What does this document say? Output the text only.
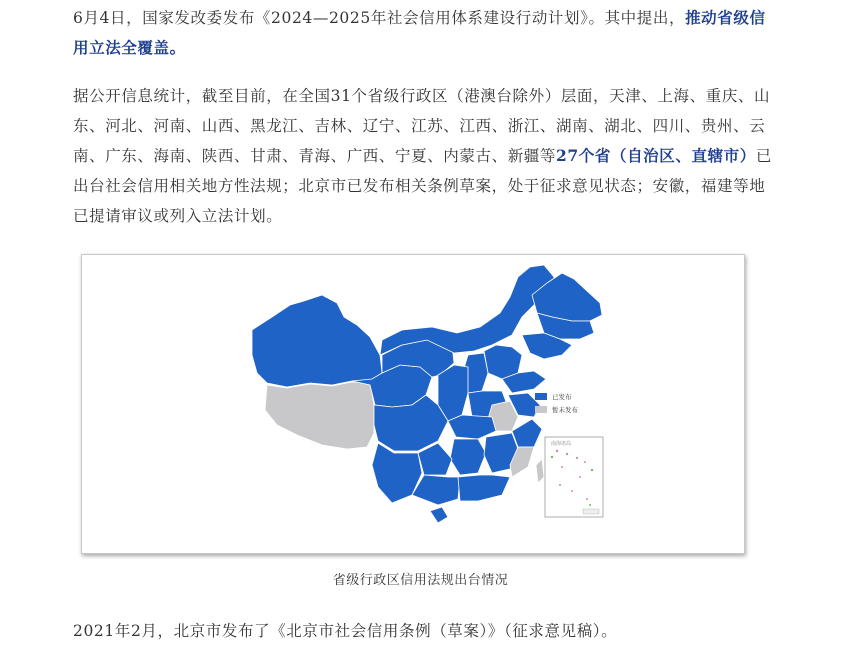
6月4日，国家发改委发布《2024—2025年社会信用体系建设行动计划》。其中提出，推动省级信用立法全覆盖。

据公开信息统计，截至目前，在全国31个省级行政区（港澳台除外）层面，天津、上海、重庆、山东、河北、河南、山西、黑龙江、吉林、辽宁、江苏、江西、浙江、湖南、湖北、四川、贵州、云南、广东、海南、陕西、甘肃、青海、广西、宁夏、内蒙古、新疆等27个省（自治区、直辖市）已出台社会信用相关地方性法规；北京市已发布相关条例草案，处于征求意见状态；安徽，福建等地已提请审议或列入立法计划。

南海诸岛
已发布
暂未发布
省级行政区信用法规出台情况

2021年2月，北京市发布了《北京市社会信用条例（草案）》（征求意见稿）。
